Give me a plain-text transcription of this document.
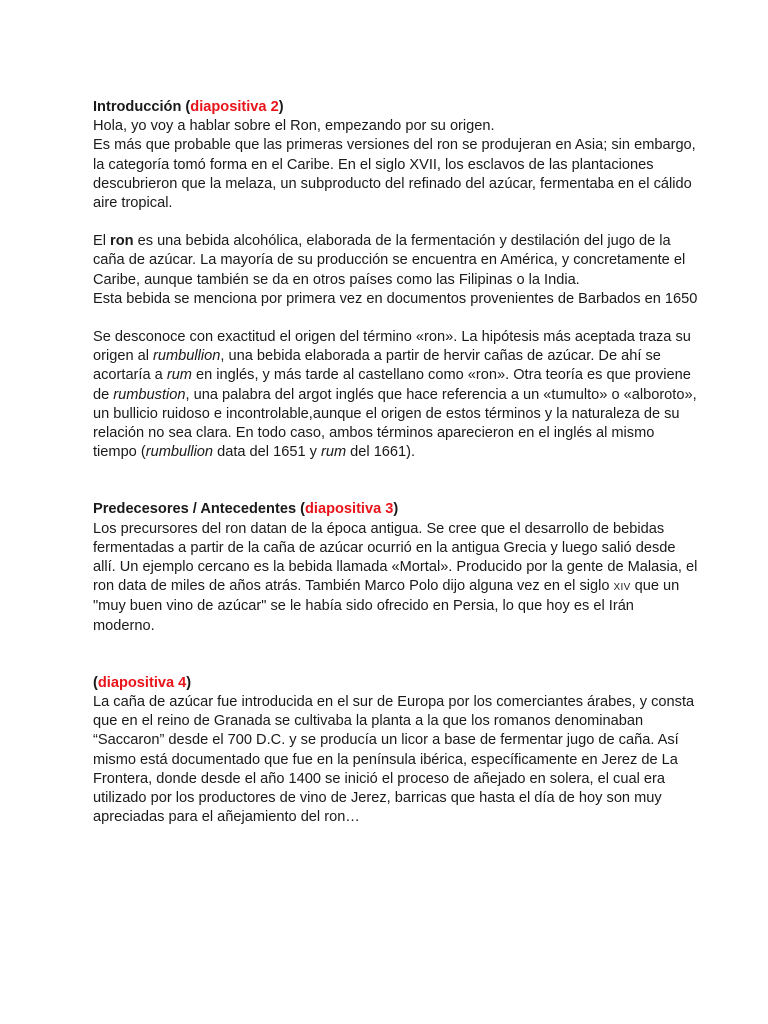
Introducción (diapositiva 2)

Hola, yo voy a hablar sobre el Ron, empezando por su origen.

Es más que probable que las primeras versiones del ron se produjeran en Asia; sin embargo, la categoría tomó forma en el Caribe. En el siglo XVII, los esclavos de las plantaciones descubrieron que la melaza, un subproducto del refinado del azúcar, fermentaba en el cálido aire tropical.

El ron es una bebida alcohólica, elaborada de la fermentación y destilación del jugo de la caña de azúcar. La mayoría de su producción se encuentra en América, y concretamente el Caribe, aunque también se da en otros países como las Filipinas o la India.

Esta bebida se menciona por primera vez en documentos provenientes de Barbados en 1650

Se desconoce con exactitud el origen del término «ron». La hipótesis más aceptada traza su origen al rumbullion, una bebida elaborada a partir de hervir cañas de azúcar. De ahí se acortaría a rum en inglés, y más tarde al castellano como «ron». Otra teoría es que proviene de rumbustion, una palabra del argot inglés que hace referencia a un «tumulto» o «alboroto», un bullicio ruidoso e incontrolable,aunque el origen de estos términos y la naturaleza de su relación no sea clara. En todo caso, ambos términos aparecieron en el inglés al mismo tiempo (rumbullion data del 1651 y rum del 1661).

Predecesores / Antecedentes (diapositiva 3)

Los precursores del ron datan de la época antigua. Se cree que el desarrollo de bebidas fermentadas a partir de la caña de azúcar ocurrió en la antigua Grecia y luego salió desde allí. Un ejemplo cercano es la bebida llamada «Mortal». Producido por la gente de Malasia, el ron data de miles de años atrás. También Marco Polo dijo alguna vez en el siglo XIV que un "muy buen vino de azúcar" se le había sido ofrecido en Persia, lo que hoy es el Irán moderno.

(diapositiva 4)

La caña de azúcar fue introducida en el sur de Europa por los comerciantes árabes, y consta que en el reino de Granada se cultivaba la planta a la que los romanos denominaban “Saccaron” desde el 700 D.C. y se producía un licor a base de fermentar jugo de caña. Así mismo está documentado que fue en la península ibérica, específicamente en Jerez de La Frontera, donde desde el año 1400 se inició el proceso de añejado en solera, el cual era utilizado por los productores de vino de Jerez, barricas que hasta el día de hoy son muy apreciadas para el añejamiento del ron…
